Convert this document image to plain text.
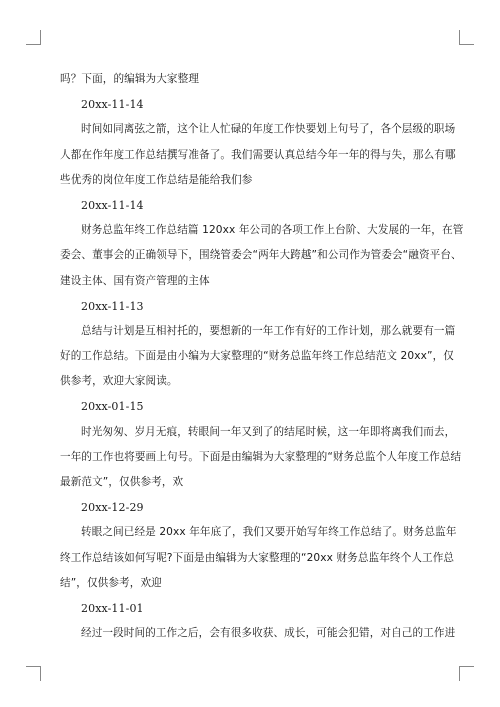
吗？下面，的编辑为大家整理
20xx-11-14
时间如同离弦之箭，这个让人忙碌的年度工作快要划上句号了，各个层级的职场
人都在作年度工作总结撰写准备了。我们需要认真总结今年一年的得与失，那么有哪
些优秀的岗位年度工作总结是能给我们参
20xx-11-14
财务总监年终工作总结篇 120xx 年公司的各项工作上台阶、大发展的一年，在管
委会、董事会的正确领导下，围绕管委会“两年大跨越”和公司作为管委会“融资平台、
建设主体、国有资产管理的主体
20xx-11-13
总结与计划是互相衬托的，要想新的一年工作有好的工作计划，那么就要有一篇
好的工作总结。下面是由小编为大家整理的“财务总监年终工作总结范文 20xx”，仅
供参考，欢迎大家阅读。
20xx-01-15
时光匆匆、岁月无痕，转眼间一年又到了的结尾时候，这一年即将离我们而去，
一年的工作也将要画上句号。下面是由编辑为大家整理的“财务总监个人年度工作总结
最新范文”，仅供参考，欢
20xx-12-29
转眼之间已经是 20xx 年年底了，我们又要开始写年终工作总结了。财务总监年
终工作总结该如何写呢?下面是由编辑为大家整理的“20xx 财务总监年终个人工作总
结”，仅供参考，欢迎
20xx-11-01
经过一段时间的工作之后，会有很多收获、成长，可能会犯错，对自己的工作进
